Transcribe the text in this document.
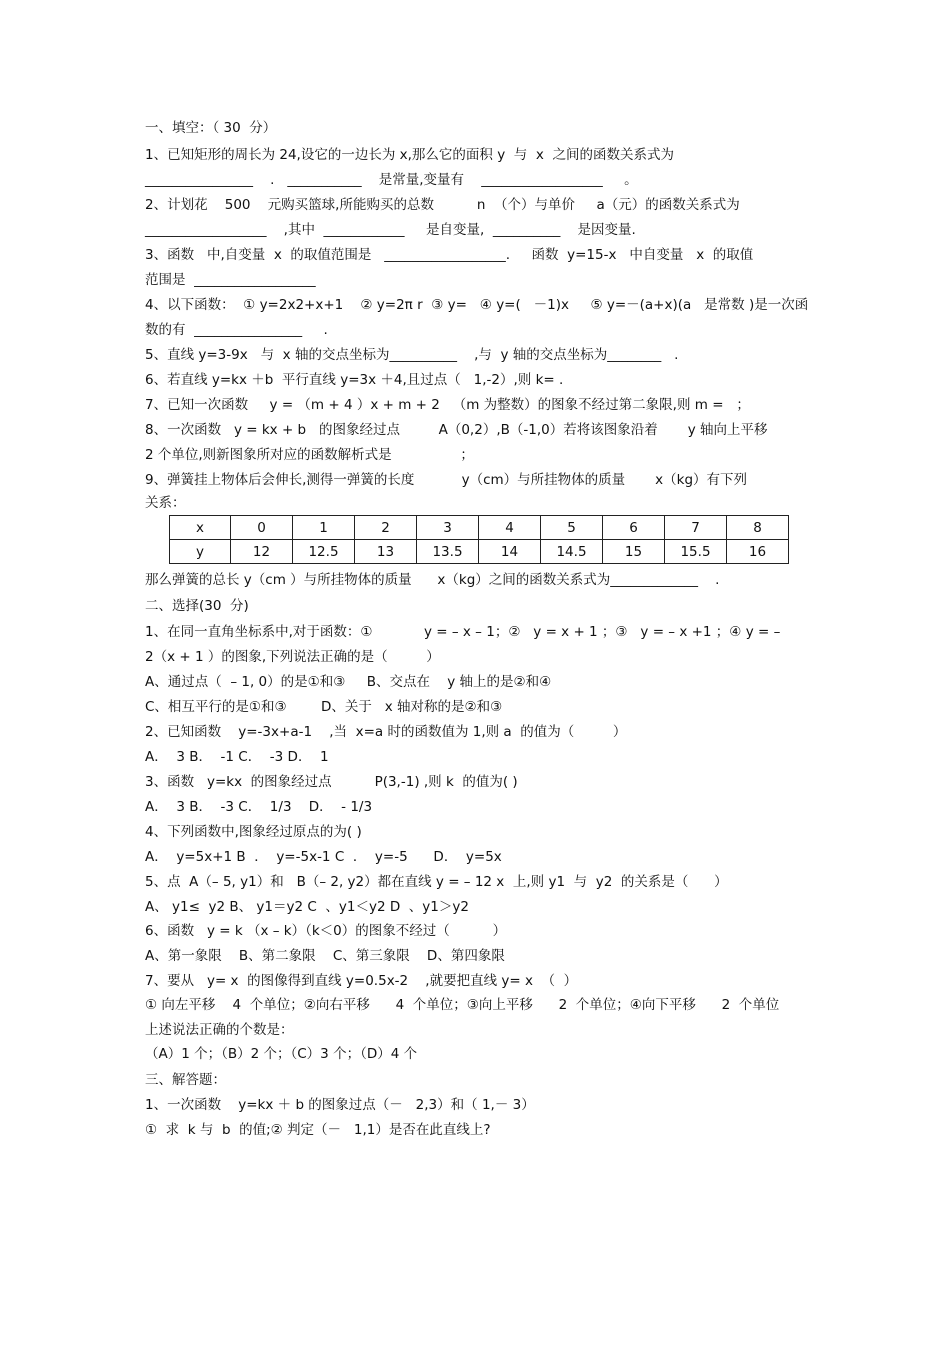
一、填空：（ 30  分）
1、已知矩形的周长为 24,设它的一边长为 x,那么它的面积 y  与  x  之间的函数关系式为
________________    .   ___________    是常量,变量有    __________________     。
2、计划花    500    元购买篮球,所能购买的总数          n  （个）与单价     a（元）的函数关系式为
__________________    ,其中  ____________     是自变量,  __________    是因变量.
3、函数   中,自变量  x  的取值范围是   __________________.     函数  y=15-x   中自变量   x  的取值
范围是  __________________
4、以下函数：  ① y=2x2+x+1    ② y=2π r  ③ y=   ④ y=(   －1)x     ⑤ y=－(a+x)(a   是常数 )是一次函
数的有  ________________     .
5、直线 y=3-9x   与  x 轴的交点坐标为__________    ,与  y 轴的交点坐标为________   .
6、若直线 y=kx ＋b  平行直线 y=3x ＋4,且过点（   1,-2）,则 k= .
7、已知一次函数     y = （m + 4 ）x + m + 2   （m 为整数）的图象不经过第二象限,则 m =   ；
8、一次函数   y = kx + b   的图象经过点         A（0,2）,B（-1,0）若将该图象沿着       y 轴向上平移
2 个单位,则新图象所对应的函数解析式是                ；
9、弹簧挂上物体后会伸长,测得一弹簧的长度           y（cm）与所挂物体的质量       x（kg）有下列
关系：
x	0	1	2	3	4	5	6	7	8
y	12	12.5	13	13.5	14	14.5	15	15.5	16
那么弹簧的总长 y（cm ）与所挂物体的质量      x（kg）之间的函数关系式为_____________    .
二、选择(30  分)
1、在同一直角坐标系中,对于函数：①            y = – x – 1；②   y = x + 1 ；③   y = – x +1 ；④ y = –
2（x + 1 ）的图象,下列说法正确的是（         ）
A、通过点（  – 1, 0）的是①和③     B、交点在    y 轴上的是②和④
C、相互平行的是①和③        D、关于   x 轴对称的是②和③
2、已知函数    y=-3x+a-1    ,当  x=a 时的函数值为 1,则 a  的值为（         ）
A．  3 B．  -1 C．  -3 D．  1
3、函数   y=kx  的图象经过点          P(3,-1) ,则 k  的值为( )
A．  3 B．  -3 C．  1/3    D．  - 1/3
4、下列函数中,图象经过原点的为( )
A．  y=5x+1 B  ．  y=-5x-1 C  ．  y=-5      D．  y=5x
5、点  A（– 5, y1）和   B（– 2, y2）都在直线 y = – 12 x  上,则 y1  与  y2  的关系是（      ）
A、 y1≤  y2 B、 y1＝y2 C  、y1＜y2 D  、y1＞y2
6、函数   y = k （x – k）（k＜0）的图象不经过（          ）
A、第一象限    B、第二象限    C、第三象限    D、第四象限
7、要从   y= x  的图像得到直线 y=0.5x-2    ,就要把直线 y= x  （  ）
① 向左平移    4  个单位；②向右平移      4  个单位；③向上平移      2  个单位；④向下平移      2  个单位
上述说法正确的个数是：
（A）1 个；（B）2 个；（C）3 个；（D）4 个
三、解答题：
1、一次函数    y=kx ＋ b 的图象过点（－   2,3）和（ 1,－ 3）
①  求  k 与  b  的值;② 判定（－   1,1）是否在此直线上?
